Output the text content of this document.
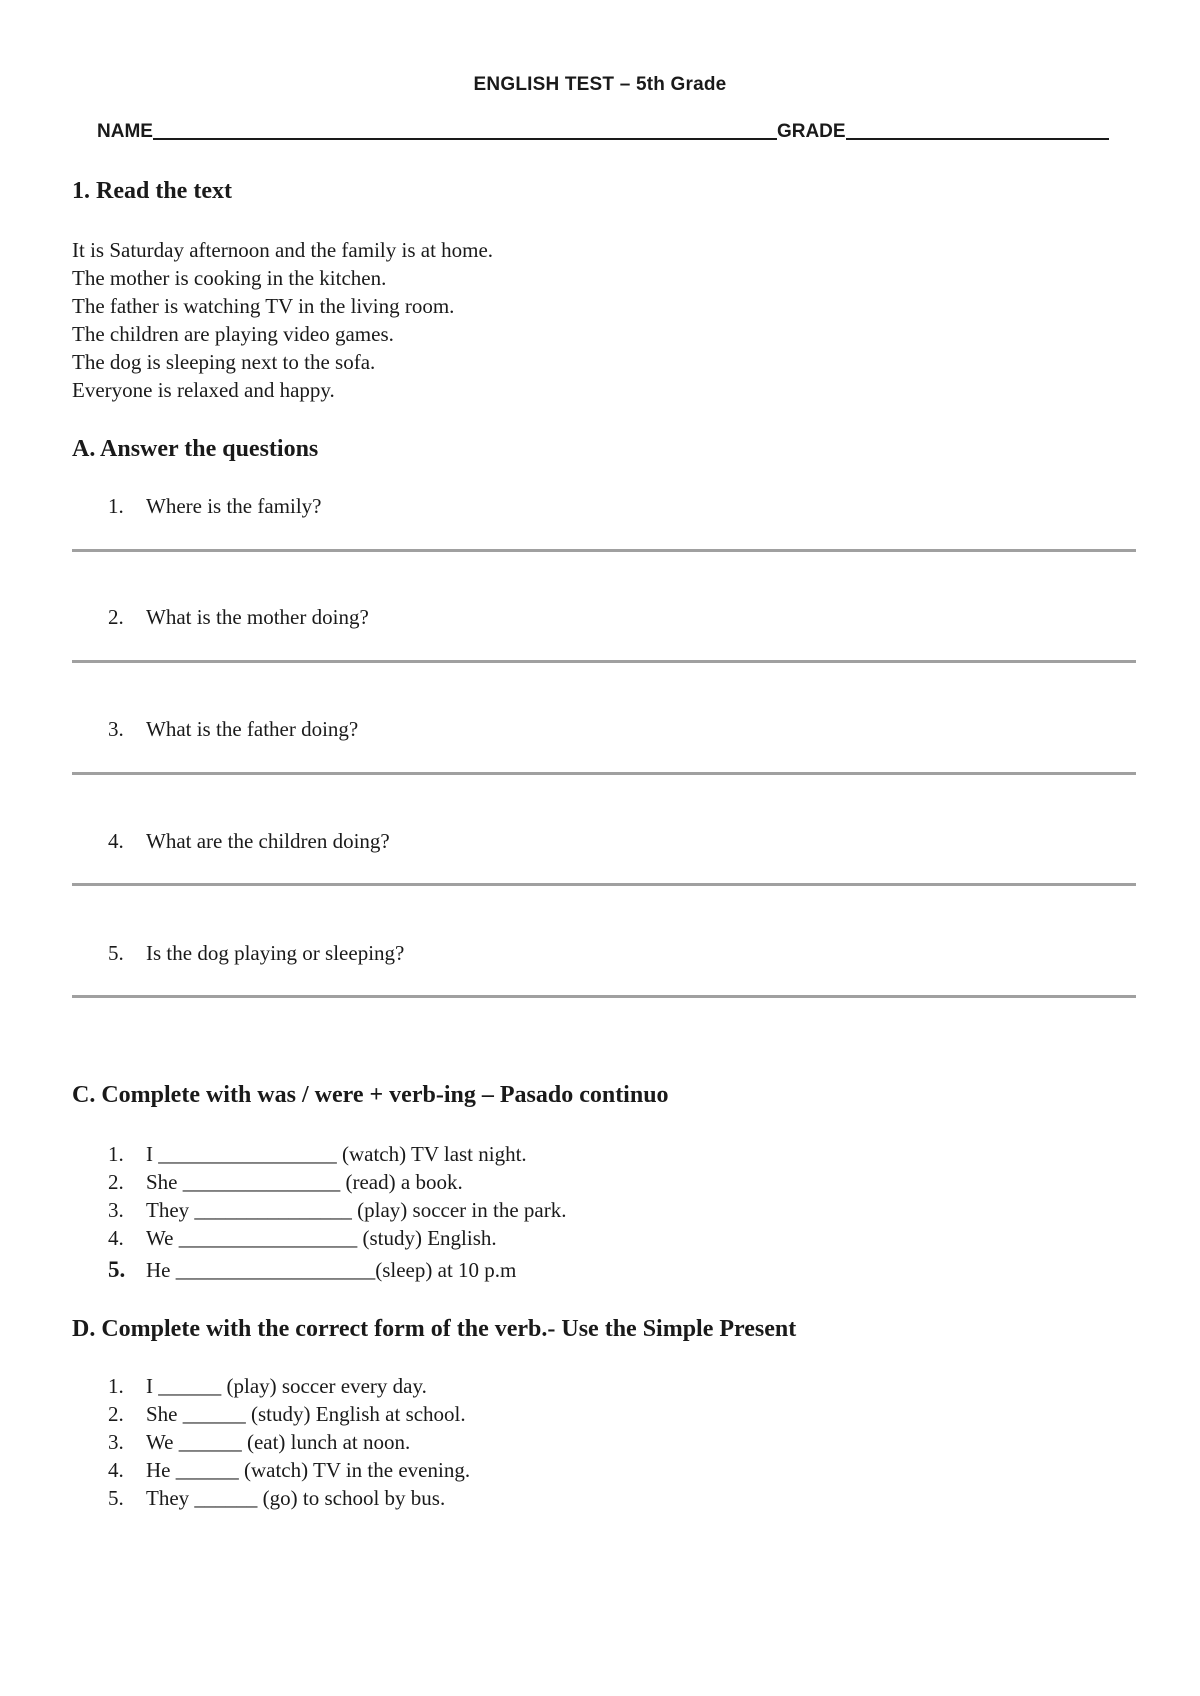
ENGLISH TEST – 5th Grade
NAME	GRADE
1. Read the text
It is Saturday afternoon and the family is at home.
The mother is cooking in the kitchen.
The father is watching TV in the living room.
The children are playing video games.
The dog is sleeping next to the sofa.
Everyone is relaxed and happy.
A. Answer the questions
1. Where is the family?
2. What is the mother doing?
3. What is the father doing?
4. What are the children doing?
5. Is the dog playing or sleeping?
C. Complete with was / were + verb-ing – Pasado continuo
1. I _________________ (watch) TV last night.
2. She _______________ (read) a book.
3. They _______________ (play) soccer in the park.
4. We _________________ (study) English.
5. He ___________________(sleep) at 10 p.m
D. Complete with the correct form of the verb.- Use the Simple Present
1. I ______ (play) soccer every day.
2. She ______ (study) English at school.
3. We ______ (eat) lunch at noon.
4. He ______ (watch) TV in the evening.
5. They ______ (go) to school by bus.
